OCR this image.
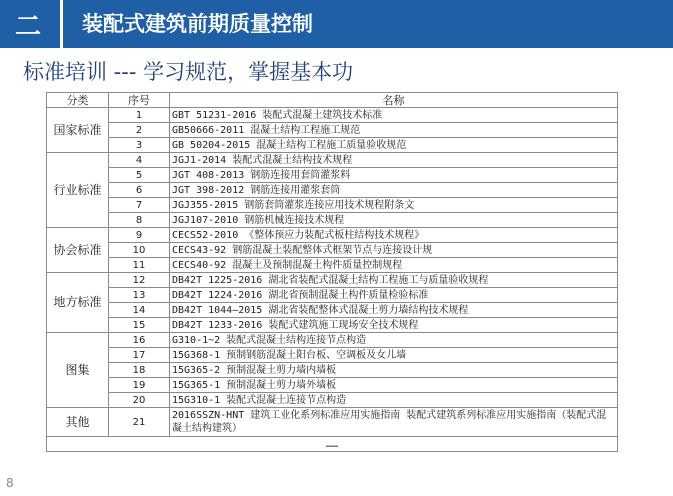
二	装配式建筑前期质量控制
标准培训 --- 学习规范，掌握基本功
分类	序号	名称
国家标准	1	GBT 51231-2016 装配式混凝土建筑技术标准
	2	GB50666-2011 混凝土结构工程施工规范
	3	GB 50204-2015 混凝土结构工程施工质量验收规范
行业标准	4	JGJ1-2014 装配式混凝土结构技术规程
	5	JGT 408-2013 钢筋连接用套筒灌浆料
	6	JGT 398-2012 钢筋连接用灌浆套筒
	7	JGJ355-2015 钢筋套筒灌浆连接应用技术规程附条文
	8	JGJ107-2010 钢筋机械连接技术规程
协会标准	9	CECS52-2010 《整体预应力装配式板柱结构技术规程》
	10	CECS43-92 钢筋混凝土装配整体式框架节点与连接设计规
	11	CECS40-92 混凝土及预制混凝土构件质量控制规程
地方标准	12	DB42T 1225-2016 湖北省装配式混凝土结构工程施工与质量验收规程
	13	DB42T 1224-2016 湖北省预制混凝土构件质量检验标准
	14	DB42T 1044—2015 湖北省装配整体式混凝土剪力墙结构技术规程
	15	DB42T 1233-2016 装配式建筑施工现场安全技术规程
图集	16	G310-1~2 装配式混凝土结构连接节点构造
	17	15G368-1 预制钢筋混凝土阳台板、空调板及女儿墙
	18	15G365-2 预制混凝土剪力墙内墙板
	19	15G365-1 预制混凝土剪力墙外墙板
	20	15G310-1 装配式混凝土连接节点构造
其他	21	2016SSZN-HNT 建筑工业化系列标准应用实施指南 装配式建筑系列标准应用实施指南（装配式混凝土结构建筑）
……		
8
